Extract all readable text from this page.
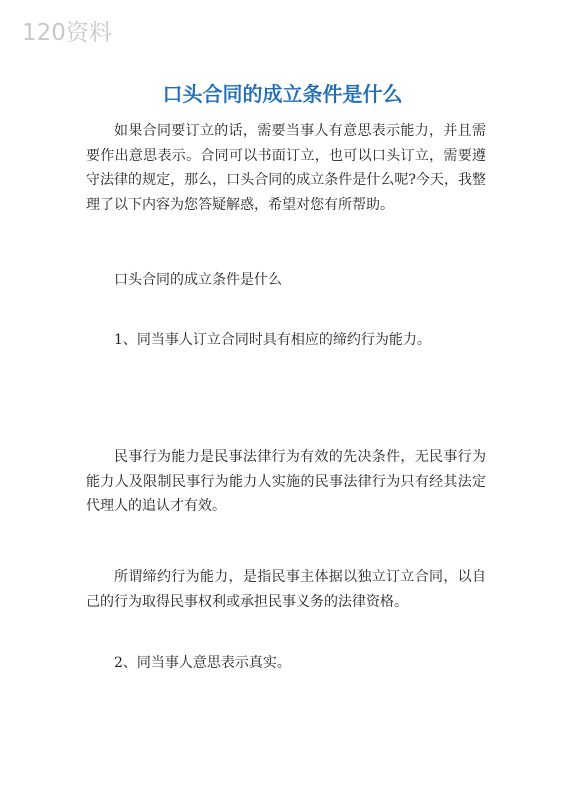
120资料
口头合同的成立条件是什么

如果合同要订立的话，需要当事人有意思表示能力，并且需要作出意思表示。合同可以书面订立，也可以口头订立，需要遵守法律的规定，那么，口头合同的成立条件是什么呢?今天，我整理了以下内容为您答疑解惑，希望对您有所帮助。

口头合同的成立条件是什么

1、同当事人订立合同时具有相应的缔约行为能力。

民事行为能力是民事法律行为有效的先决条件，无民事行为能力人及限制民事行为能力人实施的民事法律行为只有经其法定代理人的追认才有效。

所谓缔约行为能力，是指民事主体据以独立订立合同，以自己的行为取得民事权利或承担民事义务的法律资格。

2、同当事人意思表示真实。
